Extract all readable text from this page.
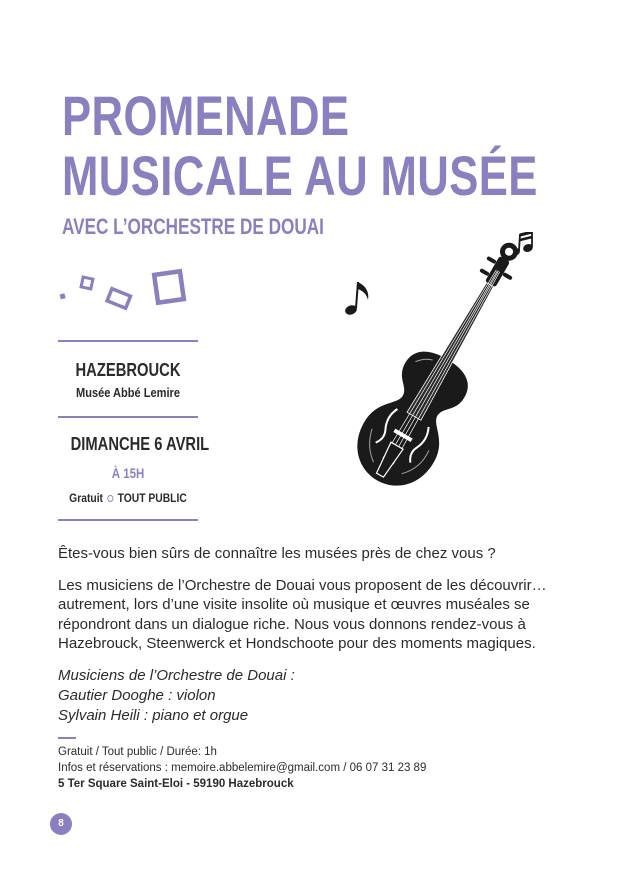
PROMENADE
MUSICALE AU MUSÉE
AVEC L’ORCHESTRE DE DOUAI
HAZEBROUCK
Musée Abbé Lemire
DIMANCHE 6 AVRIL
À 15H
Gratuit TOUT PUBLIC

Êtes-vous bien sûrs de connaître les musées près de chez vous ?

Les musiciens de l’Orchestre de Douai vous proposent de les découvrir… autrement, lors d’une visite insolite où musique et œuvres muséales se répondront dans un dialogue riche. Nous vous donnons rendez-vous à Hazebrouck, Steenwerck et Hondschoote pour des moments magiques.

Musiciens de l’Orchestre de Douai :
Gautier Dooghe : violon
Sylvain Heili : piano et orgue
Gratuit / Tout public / Durée: 1h
Infos et réservations : memoire.abbelemire@gmail.com / 06 07 31 23 89
5 Ter Square Saint-Eloi - 59190 Hazebrouck
8
